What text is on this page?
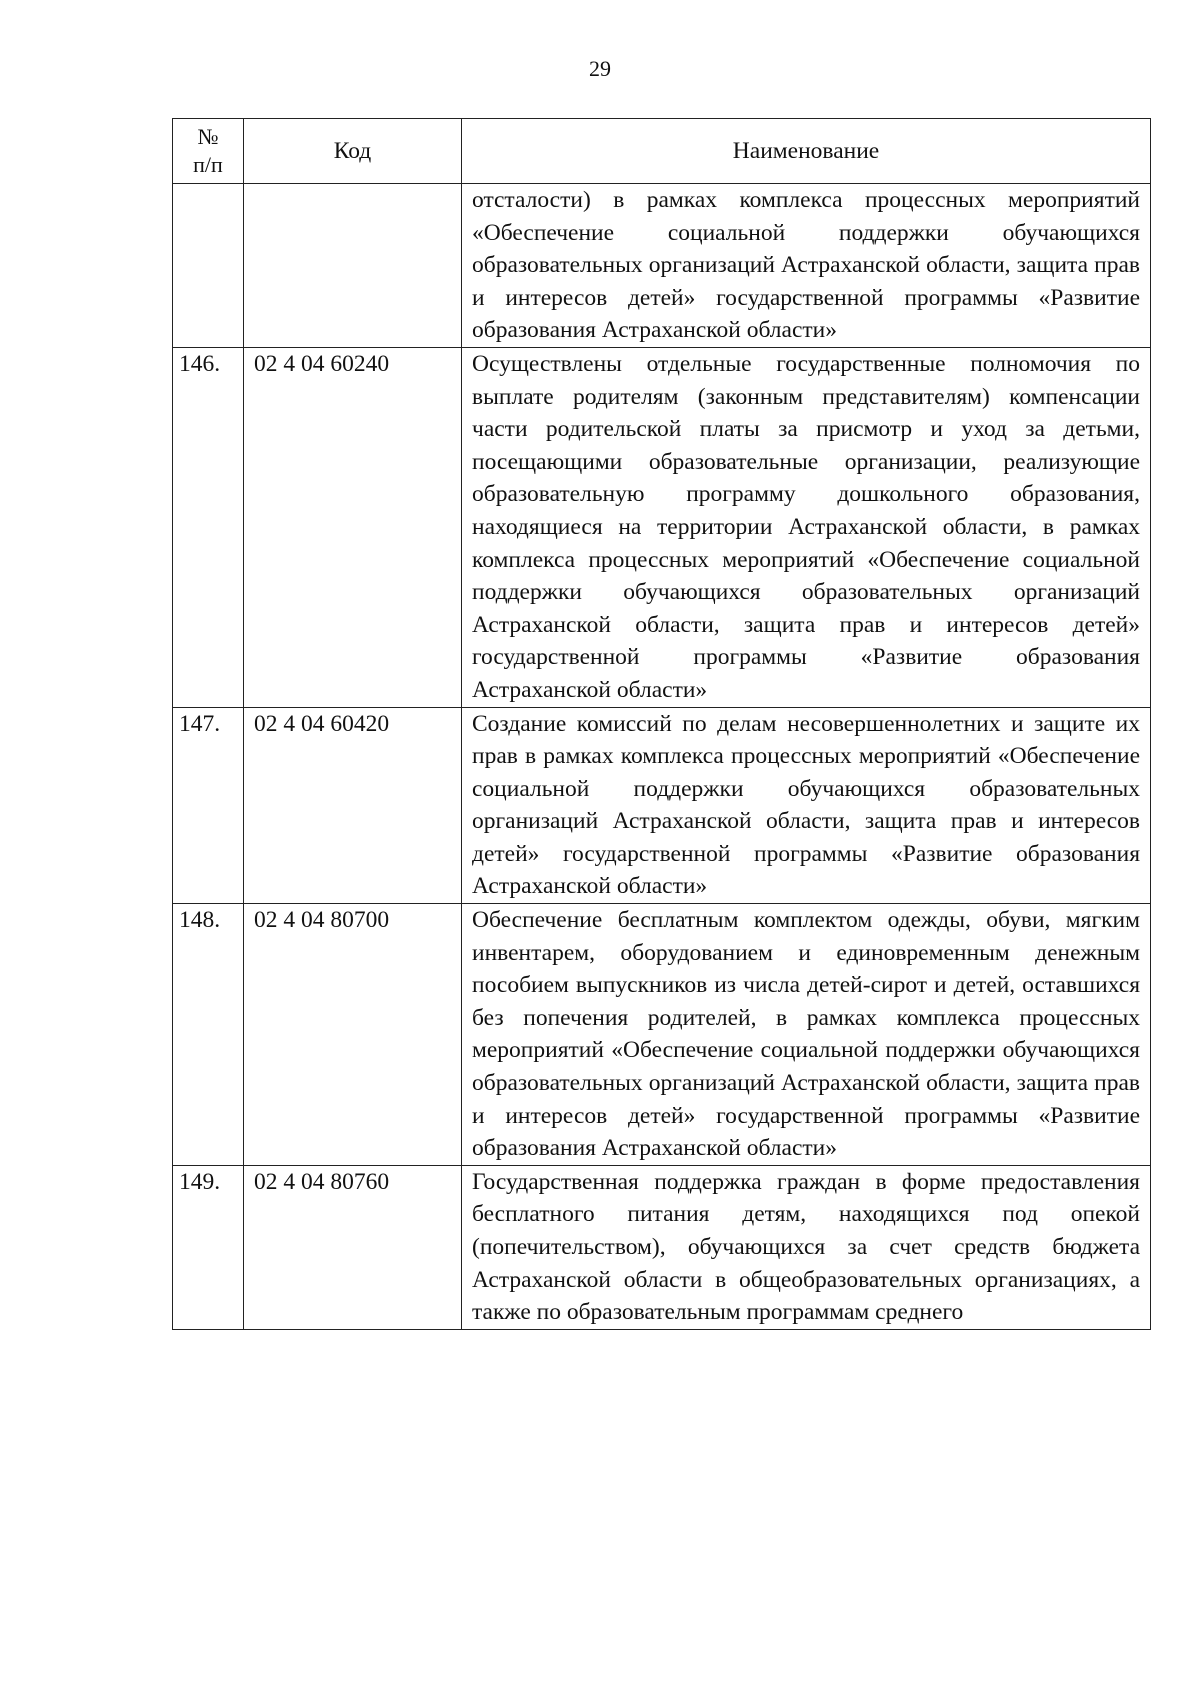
29
№
п/п	Код	Наименование
		отсталости) в рамках комплекса процессных мероприятий «Обеспечение социальной поддержки обучающихся образовательных организаций Астраханской области, защита прав и интересов детей» государственной программы «Развитие образования Астраханской области»
146.	02 4 04 60240	Осуществлены отдельные государственные полномочия по выплате родителям (законным представителям) компенсации части родительской платы за присмотр и уход за детьми, посещающими образовательные организации, реализующие образовательную программу дошкольного образования, находящиеся на территории Астраханской области, в рамках комплекса процессных мероприятий «Обеспечение социальной поддержки обучающихся образовательных организаций Астраханской области, защита прав и интересов детей» государственной программы «Развитие образования Астраханской области»
147.	02 4 04 60420	Создание комиссий по делам несовершеннолетних и защите их прав в рамках комплекса процессных мероприятий «Обеспечение социальной поддержки обучающихся образовательных организаций Астраханской области, защита прав и интересов детей» государственной программы «Развитие образования Астраханской области»
148.	02 4 04 80700	Обеспечение бесплатным комплектом одежды, обуви, мягким инвентарем, оборудованием и единовременным денежным пособием выпускников из числа детей-сирот и детей, оставшихся без попечения родителей, в рамках комплекса процессных мероприятий «Обеспечение социальной поддержки обучающихся образовательных организаций Астраханской области, защита прав и интересов детей» государственной программы «Развитие образования Астраханской области»
149.	02 4 04 80760	Государственная поддержка граждан в форме предоставления бесплатного питания детям, находящихся под опекой (попечительством), обучающихся за счет средств бюджета Астраханской области в общеобразовательных организациях, а также по образовательным программам среднего
